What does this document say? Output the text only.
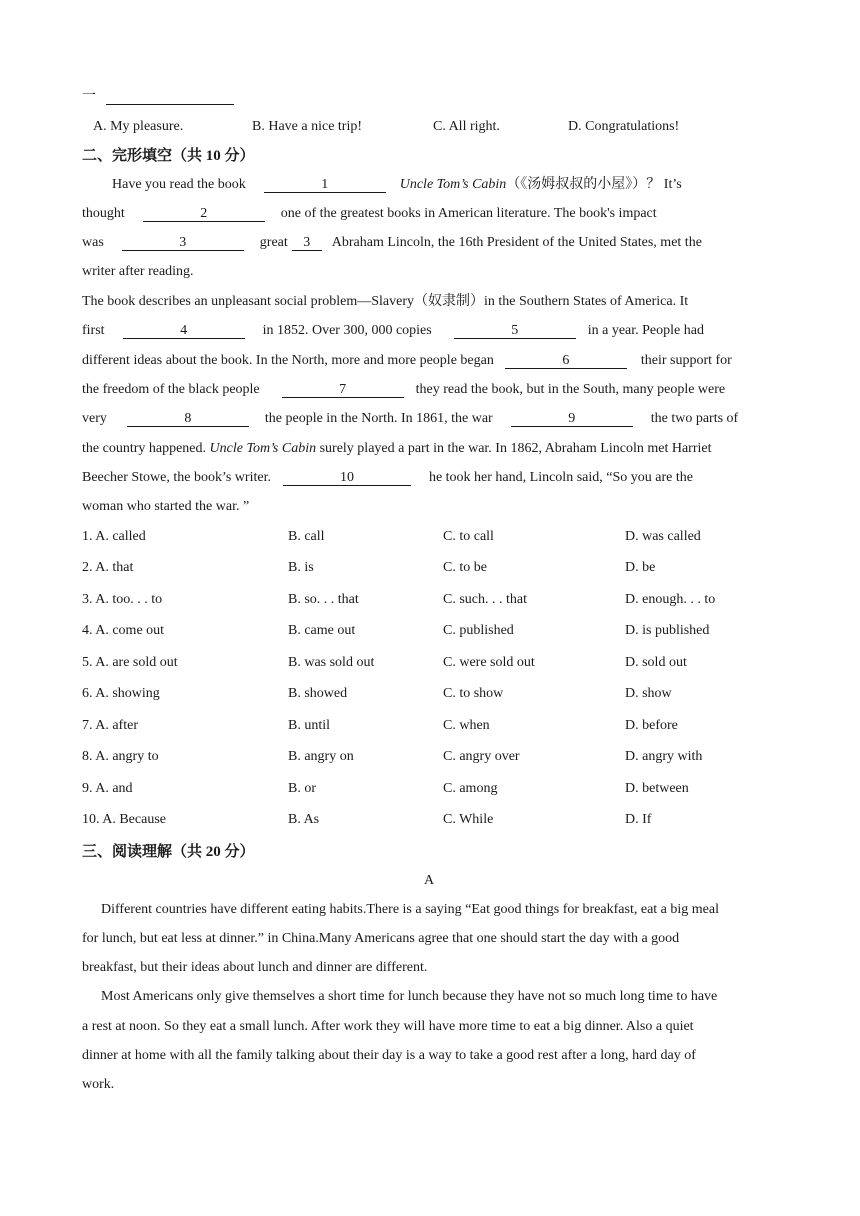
一
A. My pleasure.	B. Have a nice trip!	C. All right.	D. Congratulations!
二、完形填空（共 10 分）
Have you read the book	1	Uncle Tom’s Cabin（《汤姆叔叔的小屋》）？ It’s
thought	2	one of the greatest books in American literature. The book's impact
was	3	great 3 Abraham Lincoln, the 16th President of the United States, met the
writer after reading.
The book describes an unpleasant social problem—Slavery（奴隶制）in the Southern States of America. It
first	4	in 1852. Over 300, 000 copies	5	in a year. People had
different ideas about the book. In the North, more and more people began	6	their support for
the freedom of the black people	7	they read the book, but in the South, many people were
very	8	the people in the North. In 1861, the war	9	the two parts of
the country happened. Uncle Tom’s Cabin surely played a part in the war. In 1862, Abraham Lincoln met Harriet
Beecher Stowe, the book’s writer.	10	he took her hand, Lincoln said, “So you are the
woman who started the war. ”
1. A. called	B. call	C. to call	D. was called
2. A. that	B. is	C. to be	D. be
3. A. too. . . to	B. so. . . that	C. such. . . that	D. enough. . . to
4. A. come out	B. came out	C. published	D. is published
5. A. are sold out	B. was sold out	C. were sold out	D. sold out
6. A. showing	B. showed	C. to show	D. show
7. A. after	B. until	C. when	D. before
8. A. angry to	B. angry on	C. angry over	D. angry with
9. A. and	B. or	C. among	D. between
10. A. Because	B. As	C. While	D. If
三、阅读理解（共 20 分）
A
Different countries have different eating habits.There is a saying “Eat good things for breakfast, eat a big meal
for lunch, but eat less at dinner.” in China.Many Americans agree that one should start the day with a good
breakfast, but their ideas about lunch and dinner are different.
Most Americans only give themselves a short time for lunch because they have not so much long time to have
a rest at noon. So they eat a small lunch. After work they will have more time to eat a big dinner. Also a quiet
dinner at home with all the family talking about their day is a way to take a good rest after a long, hard day of
work.
